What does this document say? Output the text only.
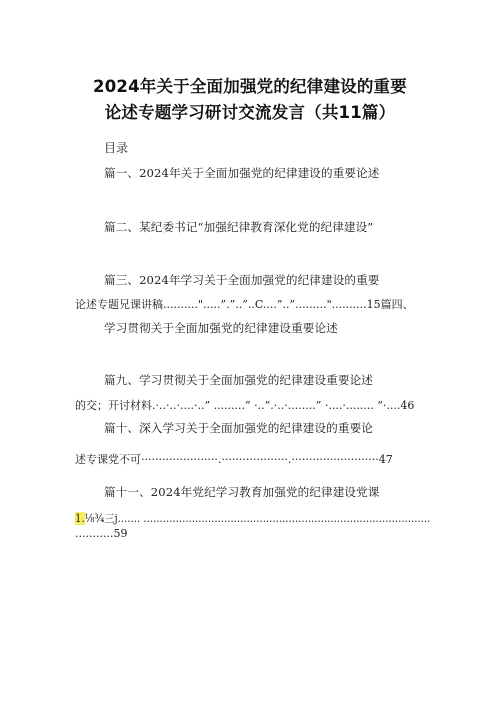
2024年关于全面加强党的纪律建设的重要
论述专题学习研讨交流发言（共11篇）
目录
篇一、2024年关于全面加强党的纪律建设的重要论述
篇二、某纪委书记“加强纪律教育深化党的纪律建设”
篇三、2024年学习关于全面加强党的纪律建设的重要
论述专题兄课讲稿..........".....”.”..”..C....”..”........."..........15篇四、
学习贯彻关于全面加强党的纪律建设重要论述
篇九、学习贯彻关于全面加强党的纪律建设重要论述
的交；开讨材料.·..·..·....·..” .........” ·..”.·..·........” ·....·........ “·....46
篇十、深入学习关于全面加强党的纪律建设的重要论
述专课党不可······················.···················.·························47
篇十一、2024年党纪学习教育加强党的纪律建设党课
1.⅛¾三j....... .........................................................................................
...........59
